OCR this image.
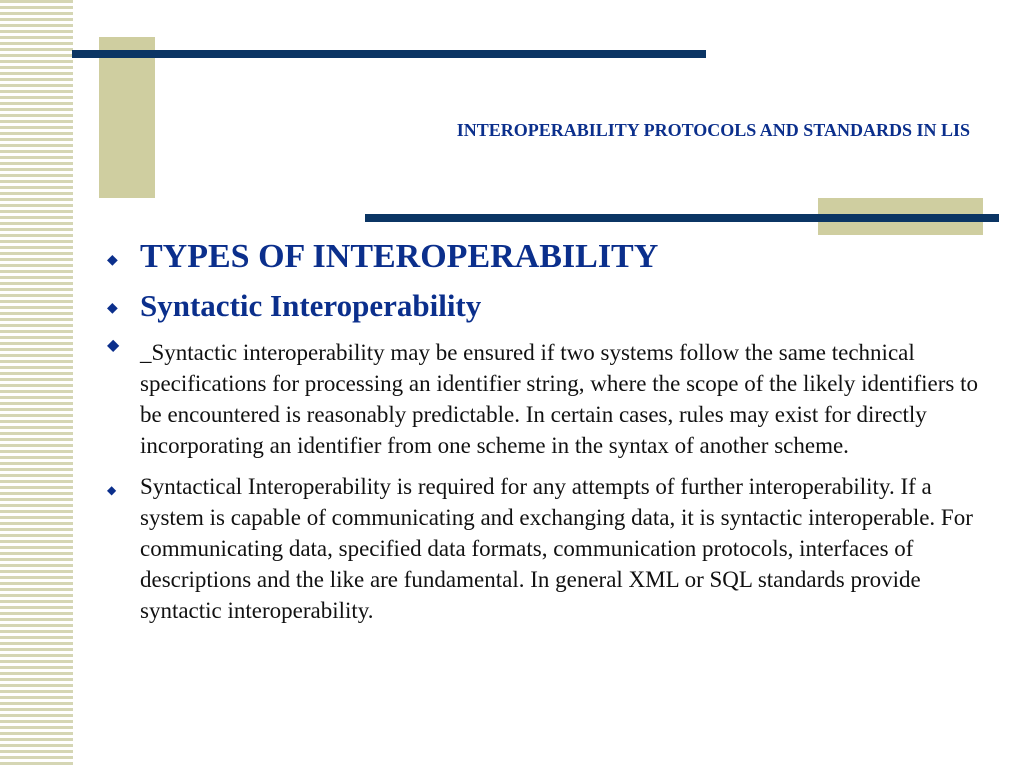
INTEROPERABILITY PROTOCOLS AND STANDARDS IN LIS
◆ TYPES OF INTEROPERABILITY
◆ Syntactic Interoperability
◆ _Syntactic interoperability may be ensured if two systems follow the same technical specifications for processing an identifier string, where the scope of the likely identifiers to be encountered is reasonably predictable. In certain cases, rules may exist for directly incorporating an identifier from one scheme in the syntax of another scheme.
◆ Syntactical Interoperability is required for any attempts of further interoperability. If a system is capable of communicating and exchanging data, it is syntactic interoperable. For communicating data, specified data formats, communication protocols, interfaces of descriptions and the like are fundamental. In general XML or SQL standards provide syntactic interoperability.
